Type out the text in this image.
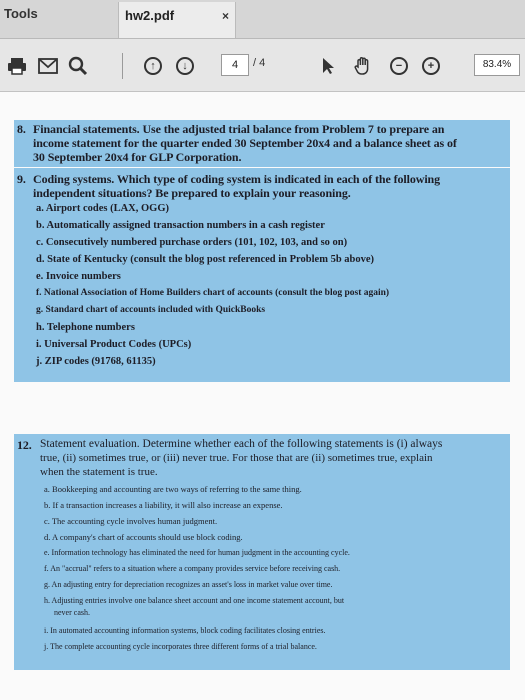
Tools	hw2.pdf	×
↑	↓	4	/ 4	−	+	83.4%
8. Financial statements. Use the adjusted trial balance from Problem 7 to prepare an
income statement for the quarter ended 30 September 20x4 and a balance sheet as of
30 September 20x4 for GLP Corporation.
9. Coding systems. Which type of coding system is indicated in each of the following
independent situations? Be prepared to explain your reasoning.
a. Airport codes (LAX, OGG)
b. Automatically assigned transaction numbers in a cash register
c. Consecutively numbered purchase orders (101, 102, 103, and so on)
d. State of Kentucky (consult the blog post referenced in Problem 5b above)
e. Invoice numbers
f. National Association of Home Builders chart of accounts (consult the blog post again)
g. Standard chart of accounts included with QuickBooks
h. Telephone numbers
i. Universal Product Codes (UPCs)
j. ZIP codes (91768, 61135)
12. Statement evaluation. Determine whether each of the following statements is (i) always
true, (ii) sometimes true, or (iii) never true. For those that are (ii) sometimes true, explain
when the statement is true.
a. Bookkeeping and accounting are two ways of referring to the same thing.
b. If a transaction increases a liability, it will also increase an expense.
c. The accounting cycle involves human judgment.
d. A company's chart of accounts should use block coding.
e. Information technology has eliminated the need for human judgment in the accounting cycle.
f. An "accrual" refers to a situation where a company provides service before receiving cash.
g. An adjusting entry for depreciation recognizes an asset's loss in market value over time.
h. Adjusting entries involve one balance sheet account and one income statement account, but
never cash.
i. In automated accounting information systems, block coding facilitates closing entries.
j. The complete accounting cycle incorporates three different forms of a trial balance.
